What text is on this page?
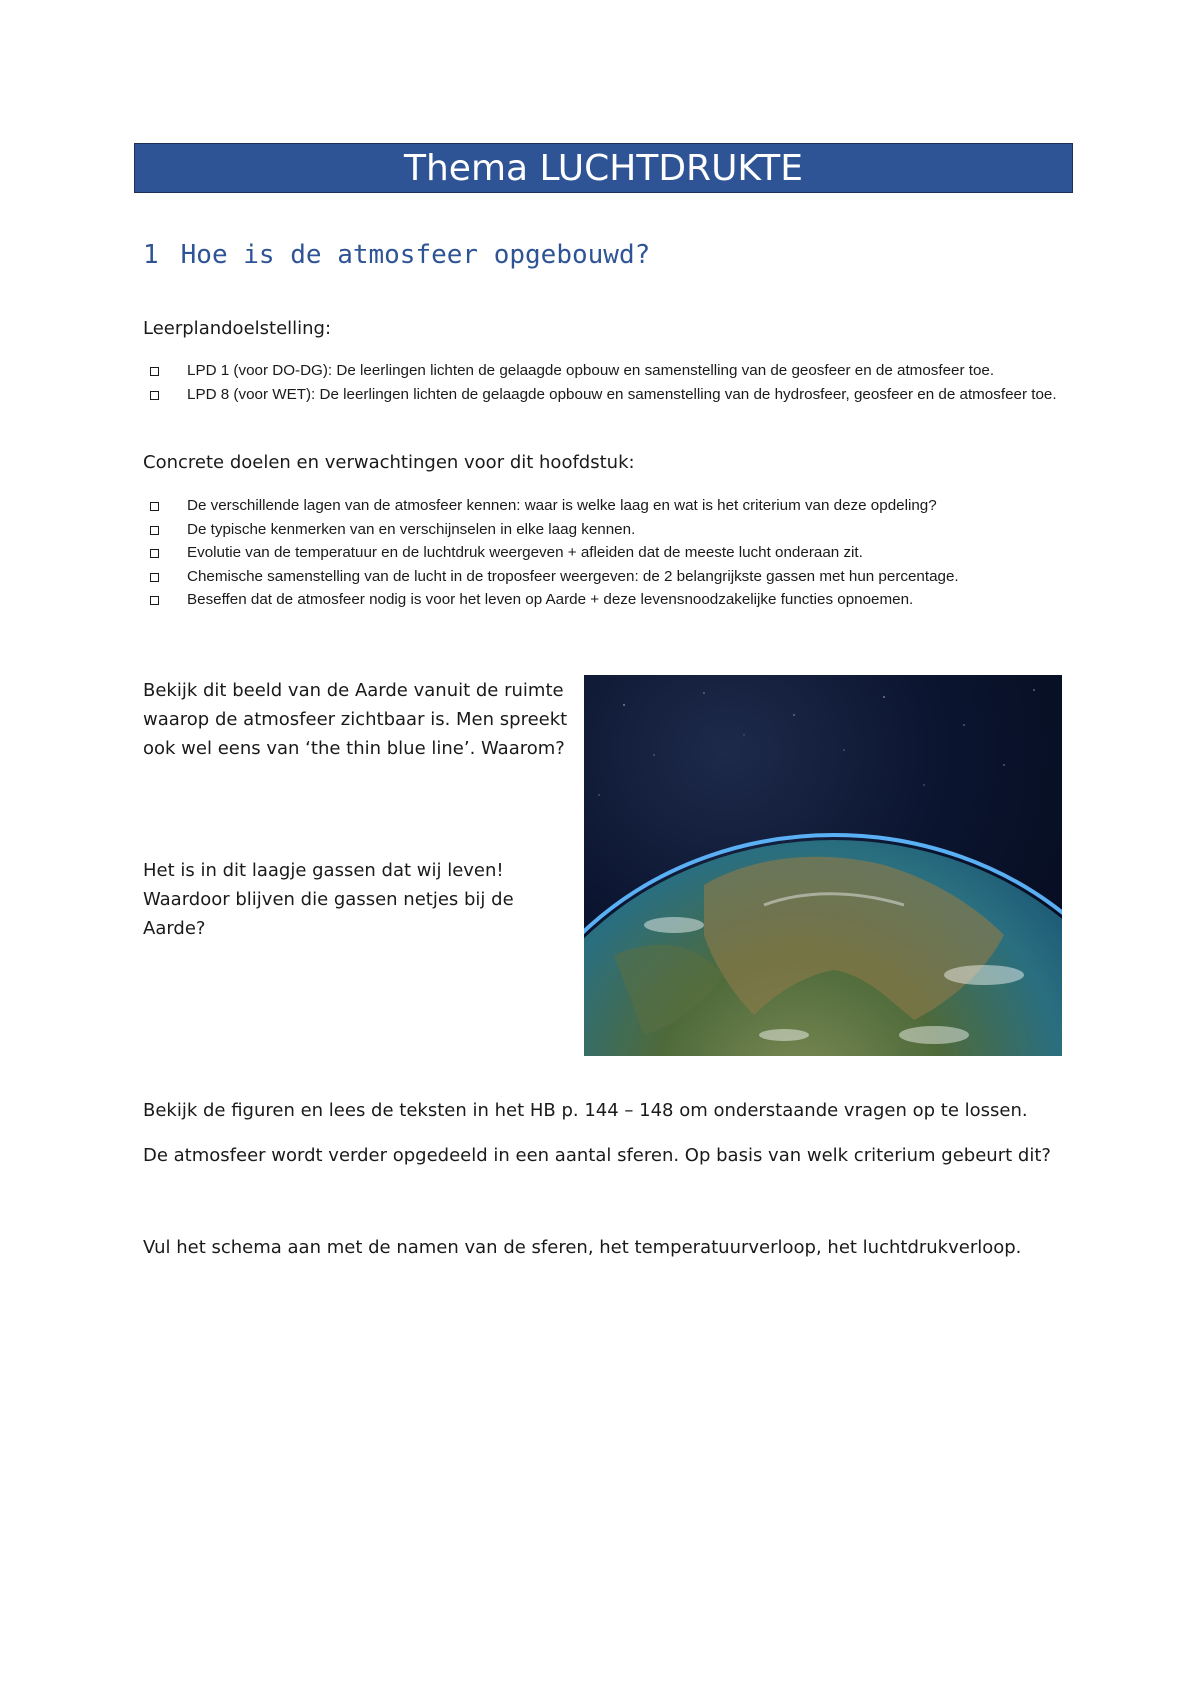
Thema LUCHTDRUKTE
1 Hoe is de atmosfeer opgebouwd?
Leerplandoelstelling:
LPD 1 (voor DO-DG): De leerlingen lichten de gelaagde opbouw en samenstelling van de geosfeer en de atmosfeer toe.
LPD 8 (voor WET): De leerlingen lichten de gelaagde opbouw en samenstelling van de hydrosfeer, geosfeer en de atmosfeer toe.
Concrete doelen en verwachtingen voor dit hoofdstuk:
De verschillende lagen van de atmosfeer kennen: waar is welke laag en wat is het criterium van deze opdeling?
De typische kenmerken van en verschijnselen in elke laag kennen.
Evolutie van de temperatuur en de luchtdruk weergeven + afleiden dat de meeste lucht onderaan zit.
Chemische samenstelling van de lucht in de troposfeer weergeven: de 2 belangrijkste gassen met hun percentage.
Beseffen dat de atmosfeer nodig is voor het leven op Aarde + deze levensnoodzakelijke functies opnoemen.

Bekijk dit beeld van de Aarde vanuit de ruimte waarop de atmosfeer zichtbaar is. Men spreekt ook wel eens van ‘the thin blue line’. Waarom?

Het is in dit laagje gassen dat wij leven! Waardoor blijven die gassen netjes bij de Aarde?

Bekijk de figuren en lees de teksten in het HB p. 144 – 148 om onderstaande vragen op te lossen.

De atmosfeer wordt verder opgedeeld in een aantal sferen. Op basis van welk criterium gebeurt dit?

Vul het schema aan met de namen van de sferen, het temperatuurverloop, het luchtdrukverloop.
